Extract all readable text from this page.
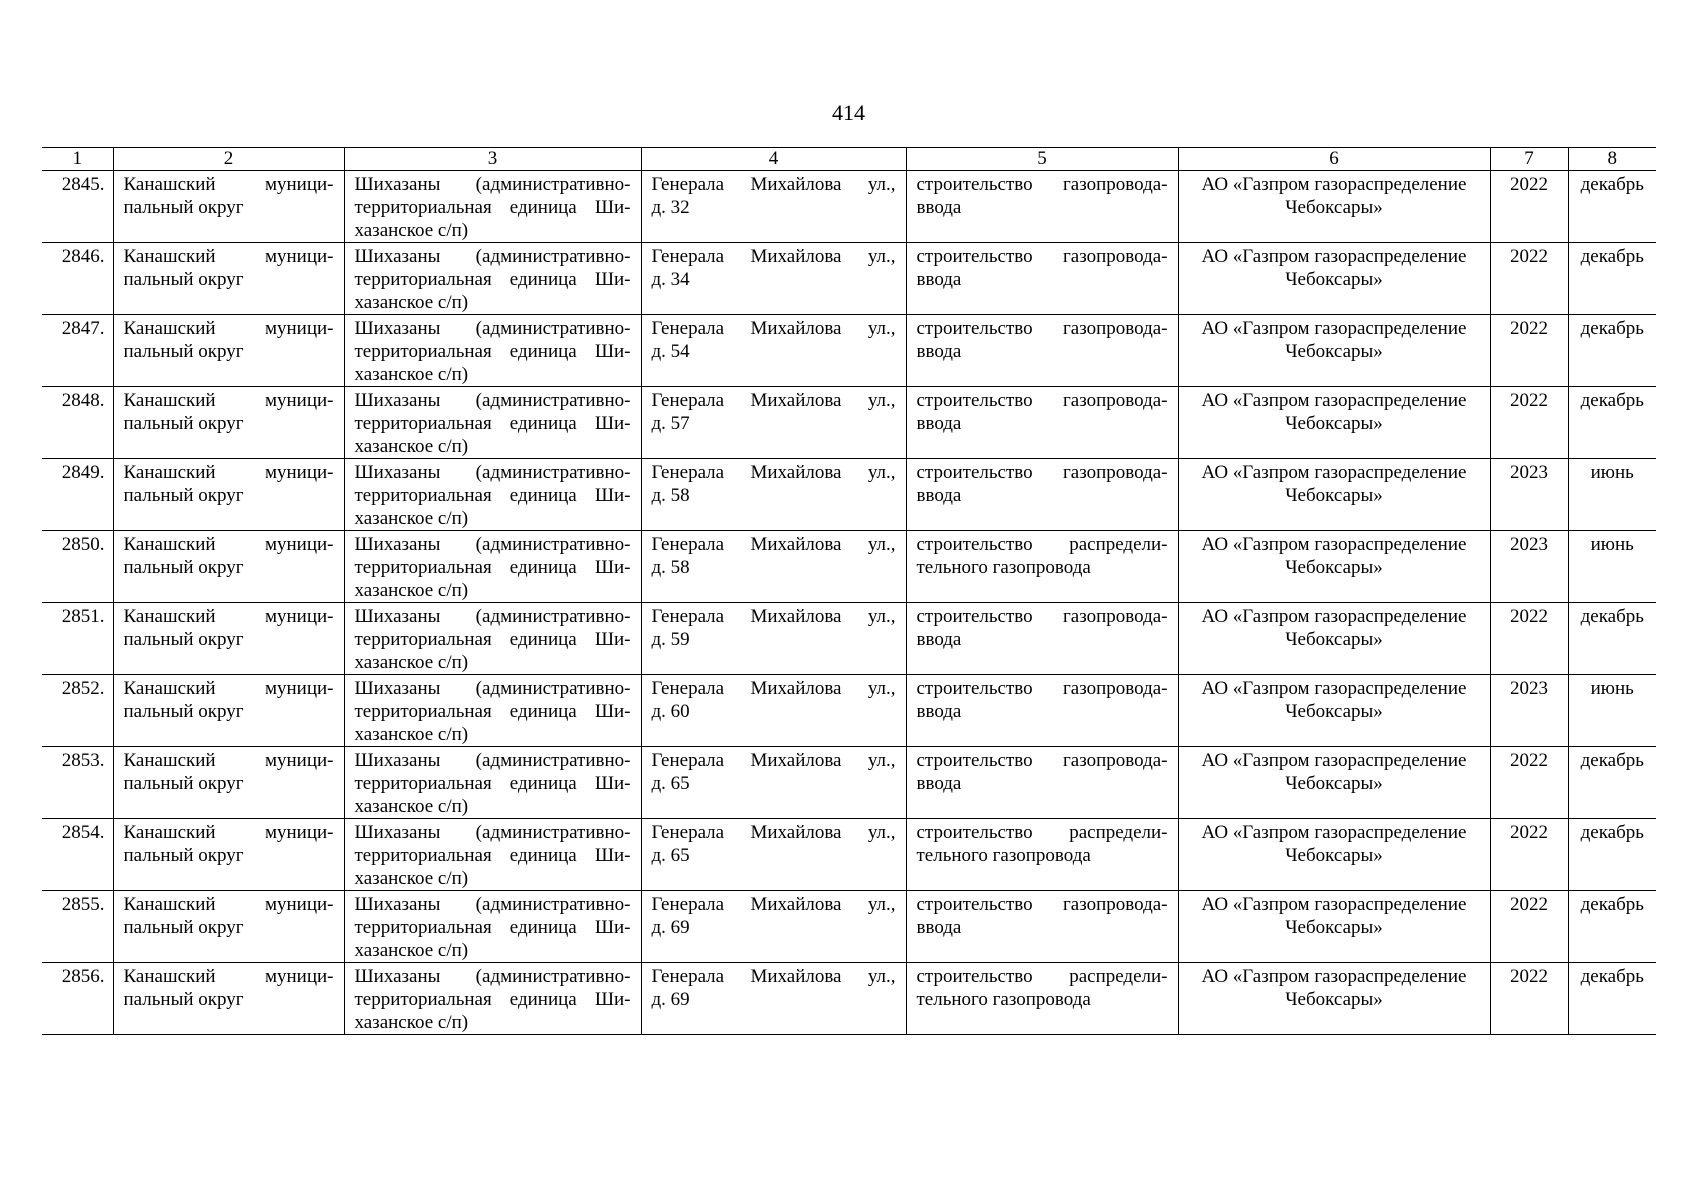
414
1	2	3	4	5	6	7	8
2845.	Канашский муници-
пальный округ	Шихазаны (административно-
территориальная единица Ши-
хазанское с/п)	Генерала Михайлова ул.,
д. 32	строительство газопровода-
ввода	АО «Газпром газораспределение
Чебоксары»	2022	декабрь
2846.	Канашский муници-
пальный округ	Шихазаны (административно-
территориальная единица Ши-
хазанское с/п)	Генерала Михайлова ул.,
д. 34	строительство газопровода-
ввода	АО «Газпром газораспределение
Чебоксары»	2022	декабрь
2847.	Канашский муници-
пальный округ	Шихазаны (административно-
территориальная единица Ши-
хазанское с/п)	Генерала Михайлова ул.,
д. 54	строительство газопровода-
ввода	АО «Газпром газораспределение
Чебоксары»	2022	декабрь
2848.	Канашский муници-
пальный округ	Шихазаны (административно-
территориальная единица Ши-
хазанское с/п)	Генерала Михайлова ул.,
д. 57	строительство газопровода-
ввода	АО «Газпром газораспределение
Чебоксары»	2022	декабрь
2849.	Канашский муници-
пальный округ	Шихазаны (административно-
территориальная единица Ши-
хазанское с/п)	Генерала Михайлова ул.,
д. 58	строительство газопровода-
ввода	АО «Газпром газораспределение
Чебоксары»	2023	июнь
2850.	Канашский муници-
пальный округ	Шихазаны (административно-
территориальная единица Ши-
хазанское с/п)	Генерала Михайлова ул.,
д. 58	строительство распредели-
тельного газопровода	АО «Газпром газораспределение
Чебоксары»	2023	июнь
2851.	Канашский муници-
пальный округ	Шихазаны (административно-
территориальная единица Ши-
хазанское с/п)	Генерала Михайлова ул.,
д. 59	строительство газопровода-
ввода	АО «Газпром газораспределение
Чебоксары»	2022	декабрь
2852.	Канашский муници-
пальный округ	Шихазаны (административно-
территориальная единица Ши-
хазанское с/п)	Генерала Михайлова ул.,
д. 60	строительство газопровода-
ввода	АО «Газпром газораспределение
Чебоксары»	2023	июнь
2853.	Канашский муници-
пальный округ	Шихазаны (административно-
территориальная единица Ши-
хазанское с/п)	Генерала Михайлова ул.,
д. 65	строительство газопровода-
ввода	АО «Газпром газораспределение
Чебоксары»	2022	декабрь
2854.	Канашский муници-
пальный округ	Шихазаны (административно-
территориальная единица Ши-
хазанское с/п)	Генерала Михайлова ул.,
д. 65	строительство распредели-
тельного газопровода	АО «Газпром газораспределение
Чебоксары»	2022	декабрь
2855.	Канашский муници-
пальный округ	Шихазаны (административно-
территориальная единица Ши-
хазанское с/п)	Генерала Михайлова ул.,
д. 69	строительство газопровода-
ввода	АО «Газпром газораспределение
Чебоксары»	2022	декабрь
2856.	Канашский муници-
пальный округ	Шихазаны (административно-
территориальная единица Ши-
хазанское с/п)	Генерала Михайлова ул.,
д. 69	строительство распредели-
тельного газопровода	АО «Газпром газораспределение
Чебоксары»	2022	декабрь
